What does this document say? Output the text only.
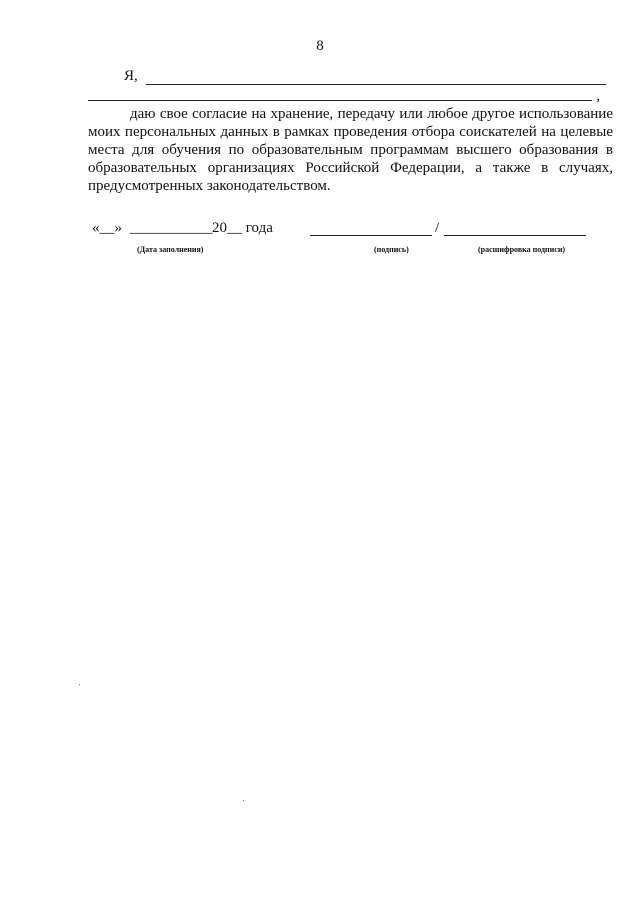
8
Я,
,

даю свое согласие на хранение, передачу или любое другое использование моих персональных данных в рамках проведения отбора соискателей на целевые места для обучения по образовательным программам высшего образования в образовательных организациях Российской Федерации, а также в случаях, предусмотренных законодательством.

«__» ___________ 20__ года	/
(Дата заполнения)	(подпись)	(расшифровка подписи)
